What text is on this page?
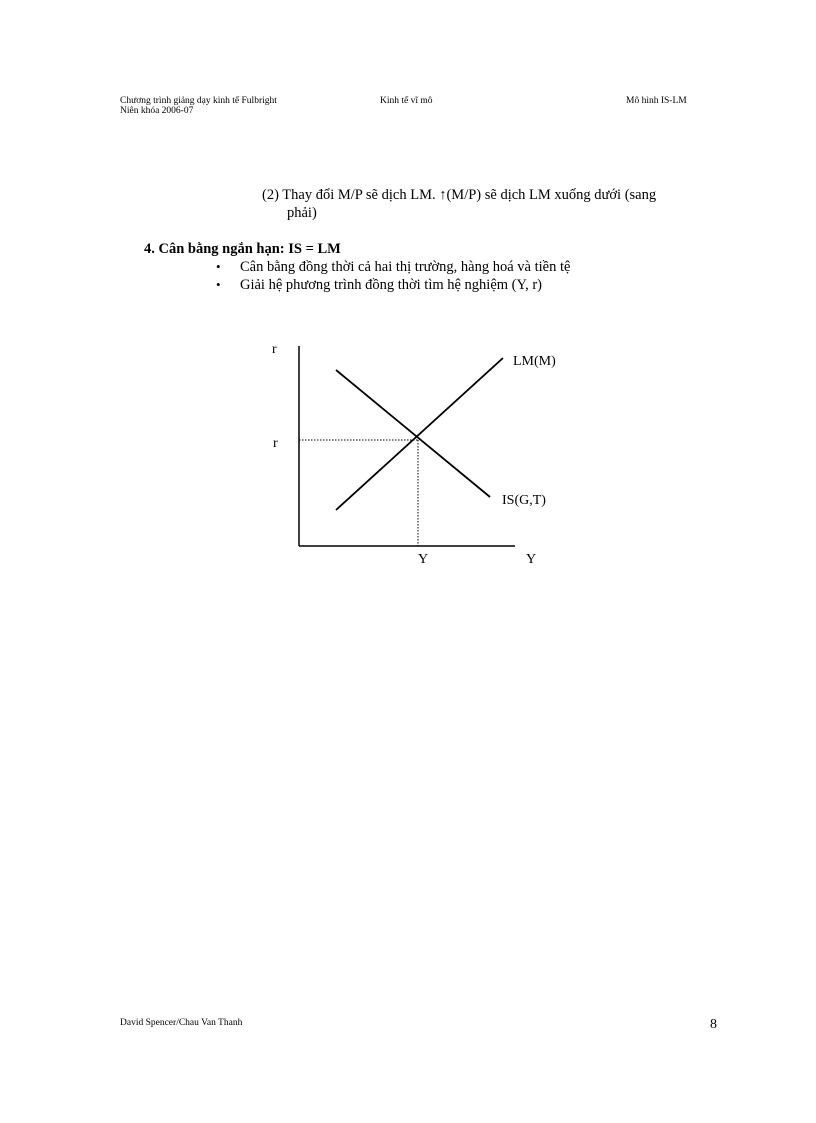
Chương trình giảng dạy kinh tế Fulbright
Niên khóa 2006-07
Kinh tế vĩ mô	Mô hình IS-LM
(2) Thay đổi M/P sẽ dịch LM. ↑(M/P) sẽ dịch LM xuống dưới (sang
phải)
4. Cân bằng ngắn hạn: IS = LM
• Cân bằng đồng thời cả hai thị trường, hàng hoá và tiền tệ
• Giải hệ phương trình đồng thời tìm hệ nghiệm (Y, r)
r
r
LM(M)
IS(G,T)
Y	Y
David Spencer/Chau Van Thanh	8
